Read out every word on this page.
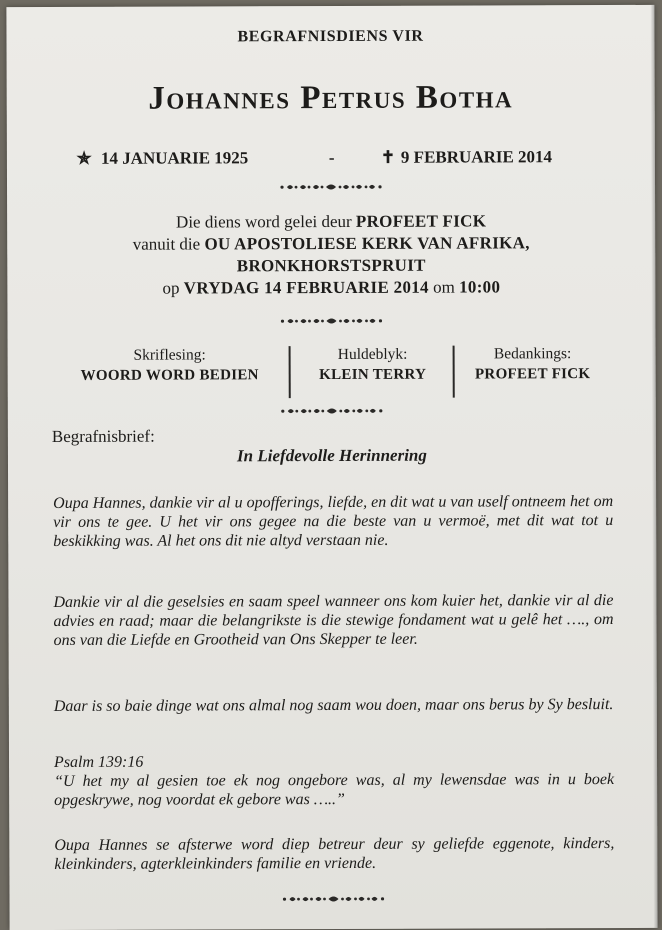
BEGRAFNISDIENS VIR
Johannes Petrus Botha
✯ 14 JANUARIE 1925	-	✝ 9 FEBRUARIE 2014
Die diens word gelei deur PROFEET FICK
vanuit die OU APOSTOLIESE KERK VAN AFRIKA,
BRONKHORSTSPRUIT
op VRYDAG 14 FEBRUARIE 2014 om 10:00
Skriflesing:
WOORD WORD BEDIEN
Huldeblyk:
KLEIN TERRY
Bedankings:
PROFEET FICK
Begrafnisbrief:
In Liefdevolle Herinnering
Oupa Hannes, dankie vir al u opofferings, liefde, en dit wat u van uself ontneem het om vir ons te gee. U het vir ons gegee na die beste van u vermoë, met dit wat tot u beskikking was. Al het ons dit nie altyd verstaan nie.
Dankie vir al die geselsies en saam speel wanneer ons kom kuier het, dankie vir al die advies en raad; maar die belangrikste is die stewige fondament wat u gelê het …., om ons van die Liefde en Grootheid van Ons Skepper te leer.
Daar is so baie dinge wat ons almal nog saam wou doen, maar ons berus by Sy besluit.
Psalm 139:16
“U het my al gesien toe ek nog ongebore was, al my lewensdae was in u boek opgeskrywe, nog voordat ek gebore was …..”
Oupa Hannes se afsterwe word diep betreur deur sy geliefde eggenote, kinders, kleinkinders, agterkleinkinders familie en vriende.
